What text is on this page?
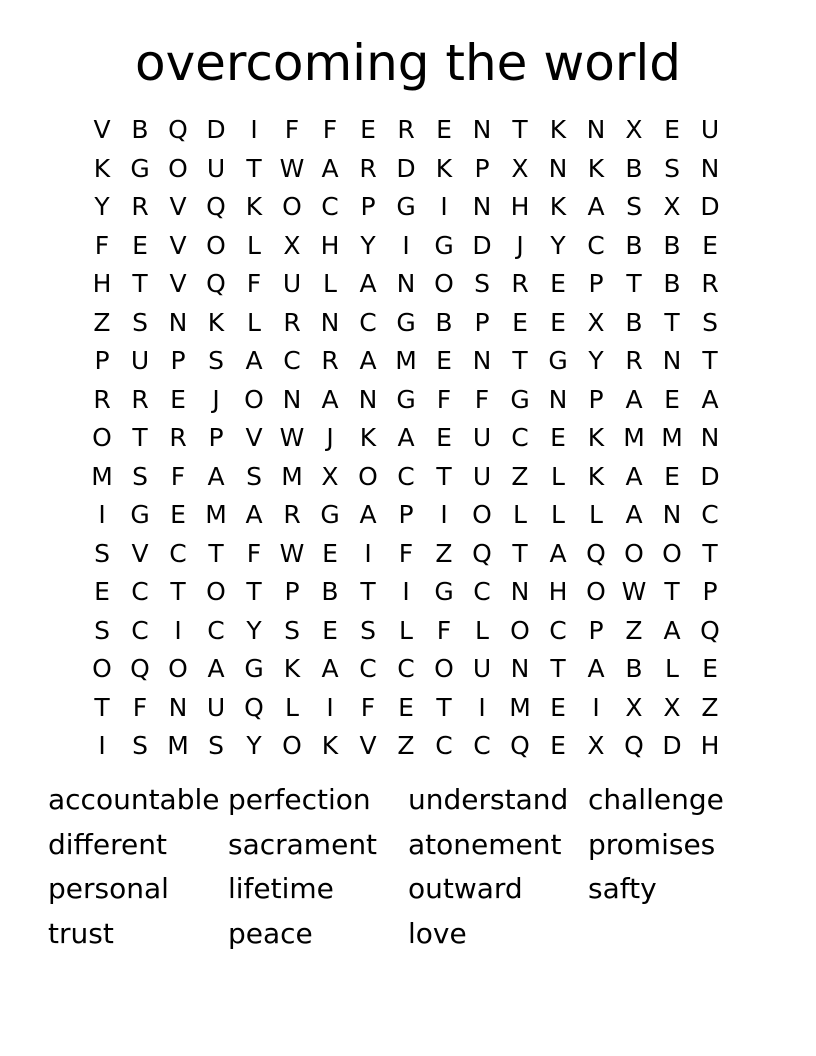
overcoming the world
V B Q D I	F F E R E N T K N X E U
K G O U T W A R D K P X N K B S N
Y R V Q K O C P G I N H K A S X D
F E V O L X H Y	I G D J	Y C B B E
H T V Q F U L A N O S R E P T B R
Z S N K L R N C G B P E E X B T S
P U P S A C R A M E N T G Y R N T
R R E	J O N A N G F F G N P A E A
O T R P V W J	K A E U C E K M M N
M S F A S M X O C T U Z L K A E D
I G E M A R G A P	I O L L L A N C
S V C T F W E	I	F Z Q T A Q O O T
E C T O T P B T	I G C N H O W T P
S C	I	C Y S E S L F L O C P Z A Q
O Q O A G K A C C O U N T A B L E
T F N U Q L	I	F E T	I M E	I	X X Z
I	S M S Y O K V Z C C Q E X Q D H
accountable perfection	understand challenge
different	sacrament	atonement promises
personal	lifetime	outward	safty
trust	peace	love
